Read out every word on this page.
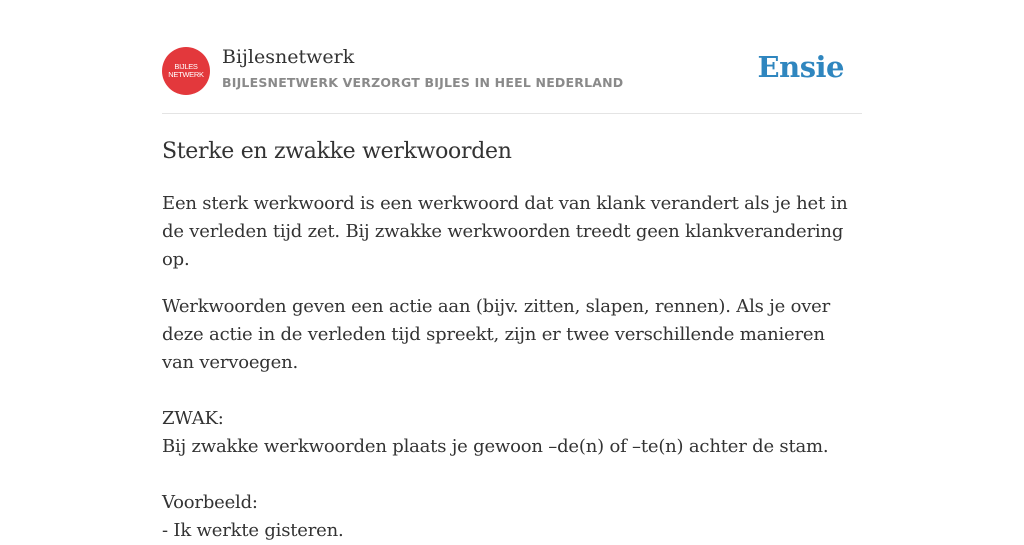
BIJLES
NETWERK
Bijlesnetwerk
BIJLESNETWERK VERZORGT BIJLES IN HEEL NEDERLAND	Ensie
Sterke en zwakke werkwoorden

Een sterk werkwoord is een werkwoord dat van klank verandert als je het in de verleden tijd zet. Bij zwakke werkwoorden treedt geen klankverandering op.

Werkwoorden geven een actie aan (bijv. zitten, slapen, rennen). Als je over deze actie in de verleden tijd spreekt, zijn er twee verschillende manieren van vervoegen.

ZWAK:

Bij zwakke werkwoorden plaats je gewoon –de(n) of –te(n) achter de stam.

Voorbeeld:

- Ik werkte gisteren.
